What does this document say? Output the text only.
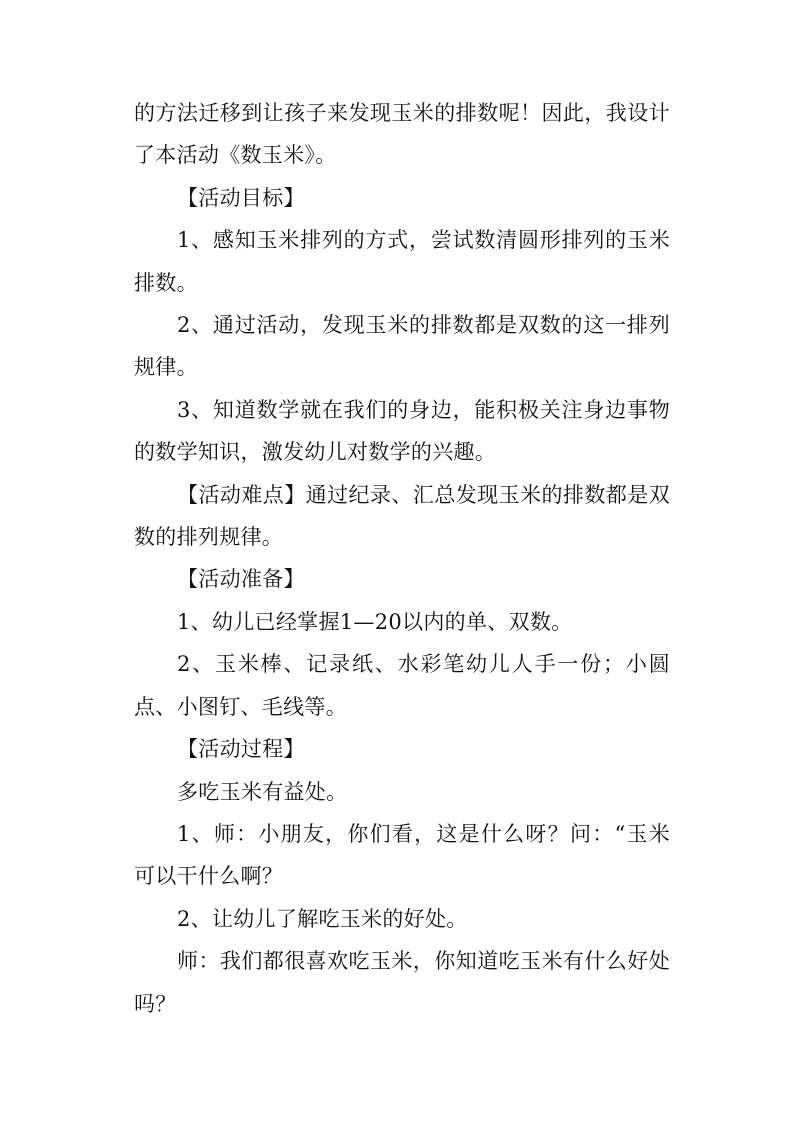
的方法迁移到让孩子来发现玉米的排数呢！因此，我设计了本活动《数玉米》。

【活动目标】

1、感知玉米排列的方式，尝试数清圆形排列的玉米排数。

2、通过活动，发现玉米的排数都是双数的这一排列规律。

3、知道数学就在我们的身边，能积极关注身边事物的数学知识，激发幼儿对数学的兴趣。

【活动难点】通过纪录、汇总发现玉米的排数都是双数的排列规律。

【活动准备】

1、幼儿已经掌握1—20以内的单、双数。

2、玉米棒、记录纸、水彩笔幼儿人手一份；小圆点、小图钉、毛线等。

【活动过程】

多吃玉米有益处。

1、师：小朋友，你们看，这是什么呀？问：“玉米可以干什么啊？

2、让幼儿了解吃玉米的好处。

师：我们都很喜欢吃玉米，你知道吃玉米有什么好处吗？
